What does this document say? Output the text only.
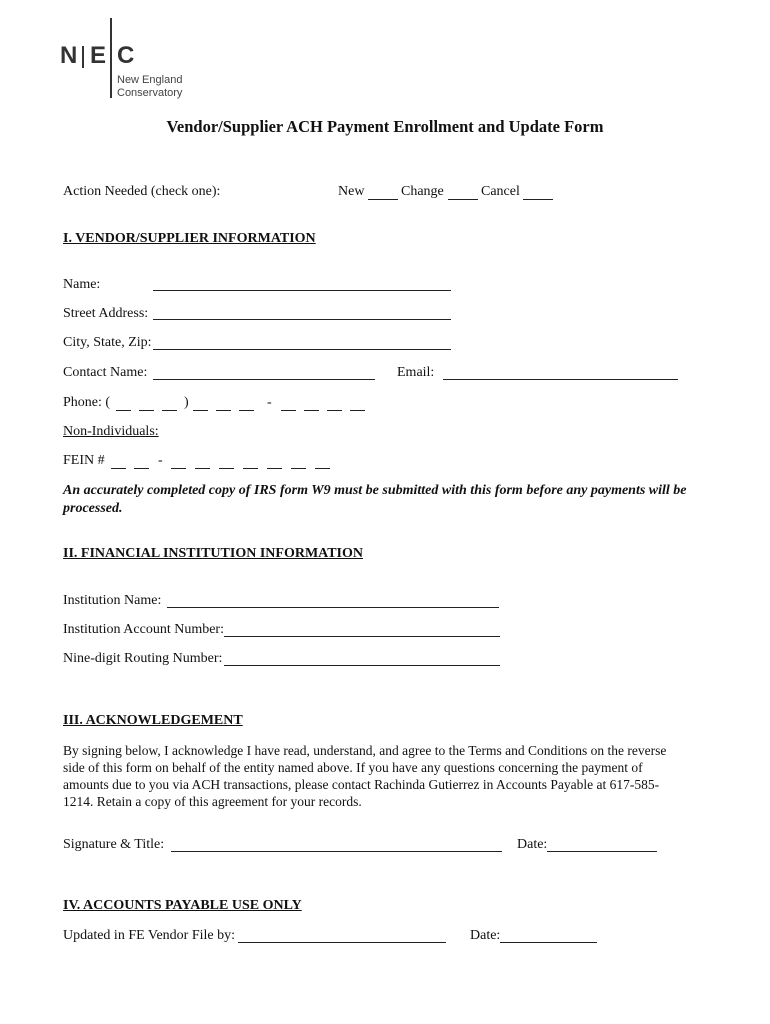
N E C
New England
Conservatory
Vendor/Supplier ACH Payment Enrollment and Update Form
Action Needed (check one):	New	Change	Cancel
I. VENDOR/SUPPLIER INFORMATION
Name:
Street Address:
City, State, Zip:
Contact Name:	Email:
Phone: (	)	-
Non-Individuals:
FEIN #	-
An accurately completed copy of IRS form W9 must be submitted with this form before any payments will be processed.
II. FINANCIAL INSTITUTION INFORMATION
Institution Name:
Institution Account Number:
Nine-digit Routing Number:
III. ACKNOWLEDGEMENT
By signing below, I acknowledge I have read, understand, and agree to the Terms and Conditions on the reverse side of this form on behalf of the entity named above. If you have any questions concerning the payment of amounts due to you via ACH transactions, please contact Rachinda Gutierrez in Accounts Payable at 617-585-1214. Retain a copy of this agreement for your records.
Signature & Title:	Date:
IV. ACCOUNTS PAYABLE USE ONLY
Updated in FE Vendor File by:	Date:
